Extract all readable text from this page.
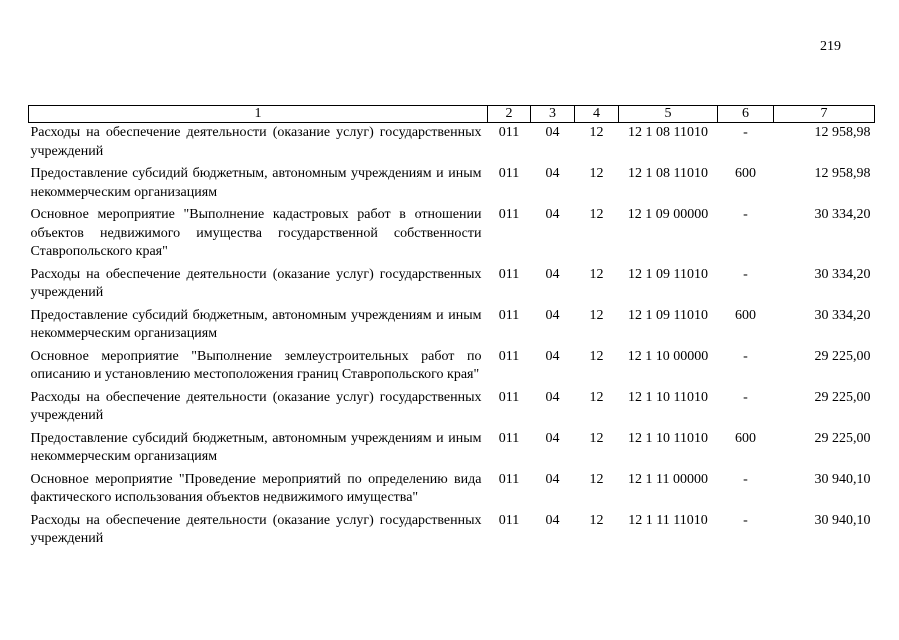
219
1	2	3	4	5	6	7
Расходы на обеспечение деятельности (оказание услуг) государственных учреждений	011	04	12	12 1 08 11010	-	12 958,98
Предоставление субсидий бюджетным, автономным учреждениям и иным некоммерческим организациям	011	04	12	12 1 08 11010	600	12 958,98
Основное мероприятие "Выполнение кадастровых работ в отношении объектов недвижимого имущества государственной собственности Ставропольского края"	011	04	12	12 1 09 00000	-	30 334,20
Расходы на обеспечение деятельности (оказание услуг) государственных учреждений	011	04	12	12 1 09 11010	-	30 334,20
Предоставление субсидий бюджетным, автономным учреждениям и иным некоммерческим организациям	011	04	12	12 1 09 11010	600	30 334,20
Основное мероприятие "Выполнение землеустроительных работ по описанию и установлению местоположения границ Ставропольского края"	011	04	12	12 1 10 00000	-	29 225,00
Расходы на обеспечение деятельности (оказание услуг) государственных учреждений	011	04	12	12 1 10 11010	-	29 225,00
Предоставление субсидий бюджетным, автономным учреждениям и иным некоммерческим организациям	011	04	12	12 1 10 11010	600	29 225,00
Основное мероприятие "Проведение мероприятий по определению вида фактического использования объектов недвижимого имущества"	011	04	12	12 1 11 00000	-	30 940,10
Расходы на обеспечение деятельности (оказание услуг) государственных учреждений	011	04	12	12 1 11 11010	-	30 940,10
